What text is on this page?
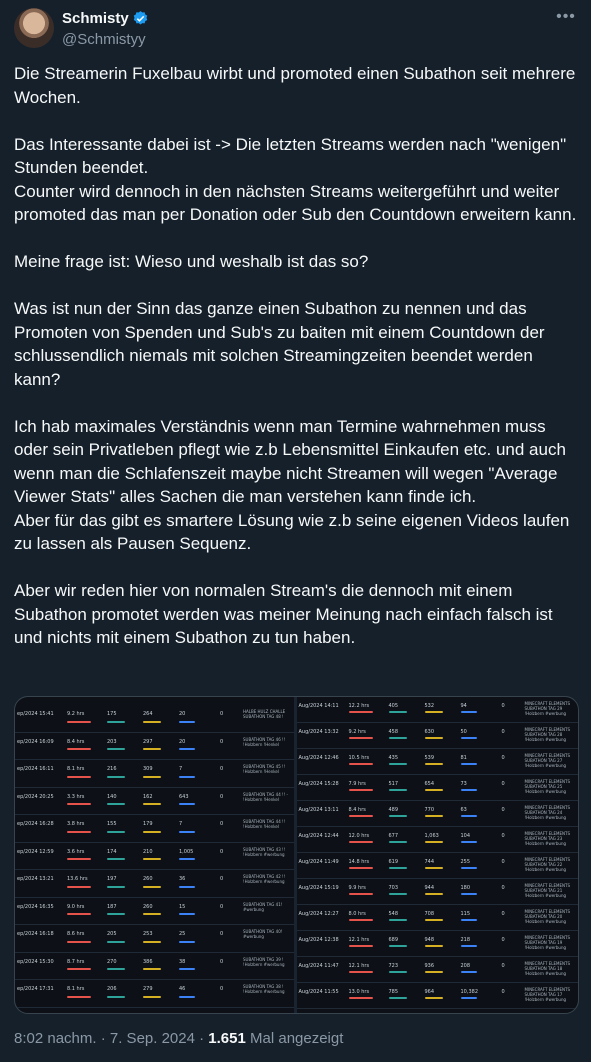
Schmisty
@Schmistyy
•••
Die Streamerin Fuxelbau wirbt und promoted einen Subathon seit mehrere Wochen.

Das Interessante dabei ist -> Die letzten Streams werden nach "wenigen" Stunden beendet.
Counter wird dennoch in den nächsten Streams weitergeführt und weiter promoted das man per Donation oder Sub den Countdown erweitern kann.

Meine frage ist: Wieso und weshalb ist das so?

Was ist nun der Sinn das ganze einen Subathon zu nennen und das Promoten von Spenden und Sub's zu baiten mit einem Countdown der schlussendlich niemals mit solchen Streamingzeiten beendet werden kann?

Ich hab maximales Verständnis wenn man Termine wahrnehmen muss oder sein Privatleben pflegt wie z.b Lebensmittel Einkaufen etc. und auch wenn man die Schlafenszeit maybe nicht Streamen will wegen "Average Viewer Stats" alles Sachen die man verstehen kann finde ich.
Aber für das gibt es smartere Lösung wie z.b seine eigenen Videos laufen zu lassen als Pausen Sequenz.

Aber wir reden hier von normalen Stream's die dennoch mit einem Subathon promotet werden was meiner Meinung nach einfach falsch ist und nichts mit einem Subathon zu tun haben.
ep/2024 15:41	9.2 hrs	175	264	20	0	HALBE HULZ CHALLE SUBATHON TAG 48 !
ep/2024 16:09	8.4 hrs	203	297	20	0	SUBATHON TAG 46 !! !Holzbern !Henkel
ep/2024 16:11	8.1 hrs	216	309	7	0	SUBATHON TAG 45 !! !Holzbern !Henkel
ep/2024 20:25	3.3 hrs	140	162	643	0	SUBATHON TAG 44 !! - !Holzbern !Henkel
ep/2024 16:28	3.8 hrs	155	179	7	0	SUBATHON TAG 44 !! !Holzbern !Henkel
ep/2024 12:59	3.6 hrs	174	210	1,005	0	SUBATHON TAG 43 !! !Holzbern #werbung
ep/2024 13:21	13.6 hrs	197	260	36	0	SUBATHON TAG 42 !! !Holzbern #werbung
ep/2024 16:35	9.0 hrs	187	260	15	0	SUBATHON TAG 41! #werbung
ep/2024 16:18	8.6 hrs	205	253	25	0	SUBATHON TAG 40! #werbung
ep/2024 15:30	8.7 hrs	270	386	38	0	SUBATHON TAG 39 ! !Holzbern #werbung
ep/2024 17:31	8.1 hrs	206	279	46	0	SUBATHON TAG 38 ! !Holzbern #werbung
Aug/2024 14:11 12.2 hrs	405	532	94	0	MINECRAFT ELEMENTS SUBATHON TAG 29 !Holzbern #werbung
Aug/2024 13:32 9.2 hrs	458	630	50	0	MINECRAFT ELEMENTS SUBATHON TAG 28 !Holzbern #werbung
Aug/2024 12:46 10.5 hrs	435	539	81	0	MINECRAFT ELEMENTS SUBATHON TAG 27 !Holzbern #werbung
Aug/2024 15:28 7.9 hrs	517	654	73	0	MINECRAFT ELEMENTS SUBATHON TAG 25 !Holzbern #werbung
Aug/2024 13:11 8.4 hrs	489	770	63	0	MINECRAFT ELEMENTS SUBATHON TAG 24 !Holzbern #werbung
Aug/2024 12:44 12.0 hrs	677	1,063	104	0	MINECRAFT ELEMENTS SUBATHON TAG 23 !Holzbern #werbung
Aug/2024 11:49 14.8 hrs	619	744	255	0	MINECRAFT ELEMENTS SUBATHON TAG 22 !Holzbern #werbung
Aug/2024 15:19 9.9 hrs	703	944	180	0	MINECRAFT ELEMENTS SUBATHON TAG 21 !Holzbern #werbung
Aug/2024 12:27 8.0 hrs	548	708	115	0	MINECRAFT ELEMENTS SUBATHON TAG 20 !Holzbern #werbung
Aug/2024 12:38 12.1 hrs	689	948	218	0	MINECRAFT ELEMENTS SUBATHON TAG 19 !Holzbern #werbung
Aug/2024 11:47 12.1 hrs	723	936	208	0	MINECRAFT ELEMENTS SUBATHON TAG 18 !Holzbern #werbung
Aug/2024 11:55 13.0 hrs	785	964	10,382	0	MINECRAFT ELEMENTS SUBATHON TAG 17 !Holzbern #werbung
8:02 nachm. · 7. Sep. 2024 · 1.651 Mal angezeigt
